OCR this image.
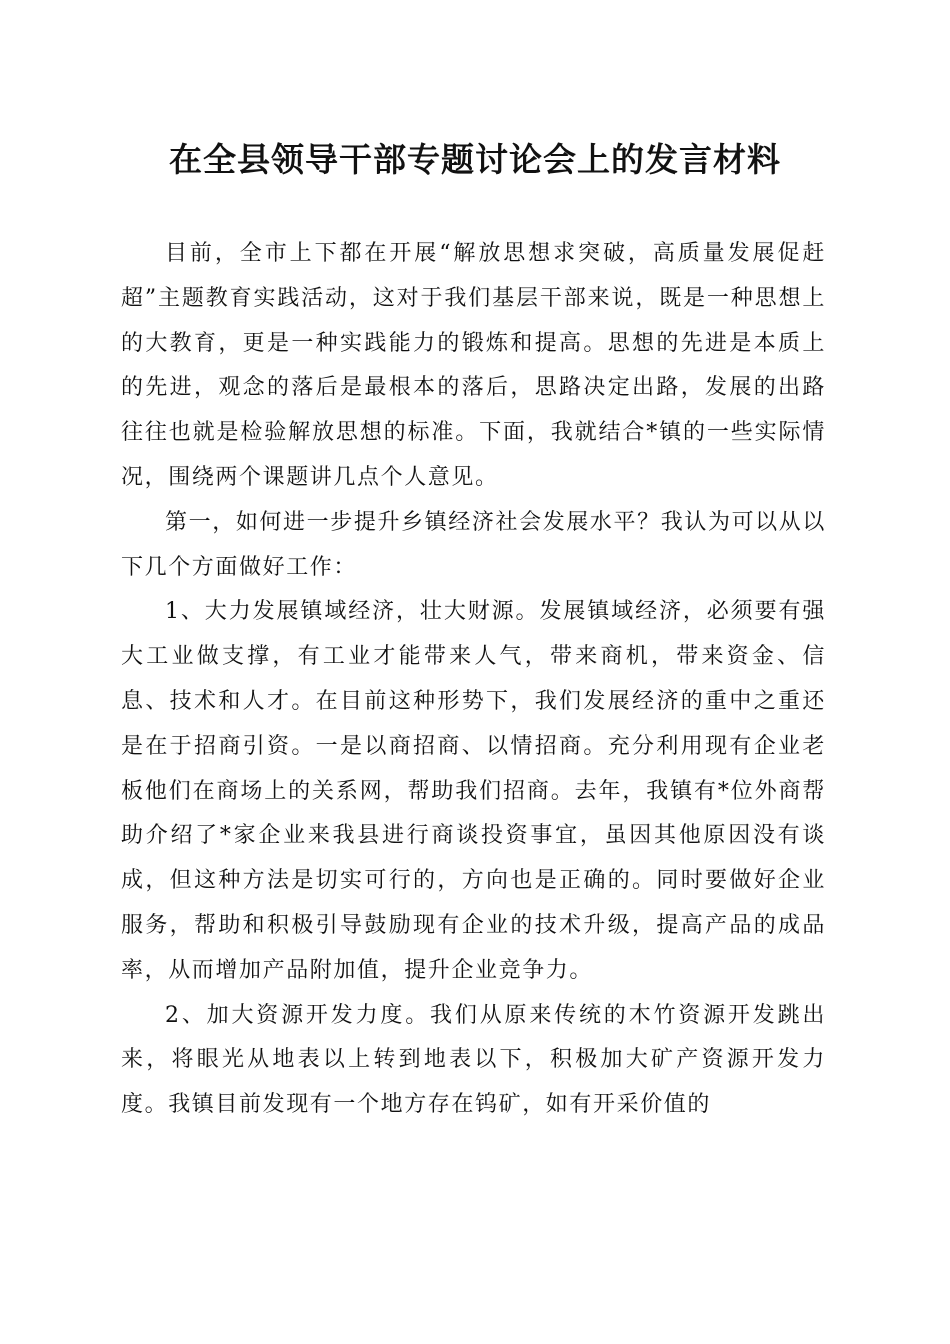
在全县领导干部专题讨论会上的发言材料

目前，全市上下都在开展“解放思想求突破，高质量发展促赶超”主题教育实践活动，这对于我们基层干部来说，既是一种思想上的大教育，更是一种实践能力的锻炼和提高。思想的先进是本质上的先进，观念的落后是最根本的落后，思路决定出路，发展的出路往往也就是检验解放思想的标准。下面，我就结合*镇的一些实际情况，围绕两个课题讲几点个人意见。

第一，如何进一步提升乡镇经济社会发展水平？我认为可以从以下几个方面做好工作：

1、大力发展镇域经济，壮大财源。发展镇域经济，必须要有强大工业做支撑，有工业才能带来人气，带来商机，带来资金、信息、技术和人才。在目前这种形势下，我们发展经济的重中之重还是在于招商引资。一是以商招商、以情招商。充分利用现有企业老板他们在商场上的关系网，帮助我们招商。去年，我镇有*位外商帮助介绍了*家企业来我县进行商谈投资事宜，虽因其他原因没有谈成，但这种方法是切实可行的，方向也是正确的。同时要做好企业服务，帮助和积极引导鼓励现有企业的技术升级，提高产品的成品率，从而增加产品附加值，提升企业竞争力。

2、加大资源开发力度。我们从原来传统的木竹资源开发跳出来，将眼光从地表以上转到地表以下，积极加大矿产资源开发力度。我镇目前发现有一个地方存在钨矿，如有开采价值的
